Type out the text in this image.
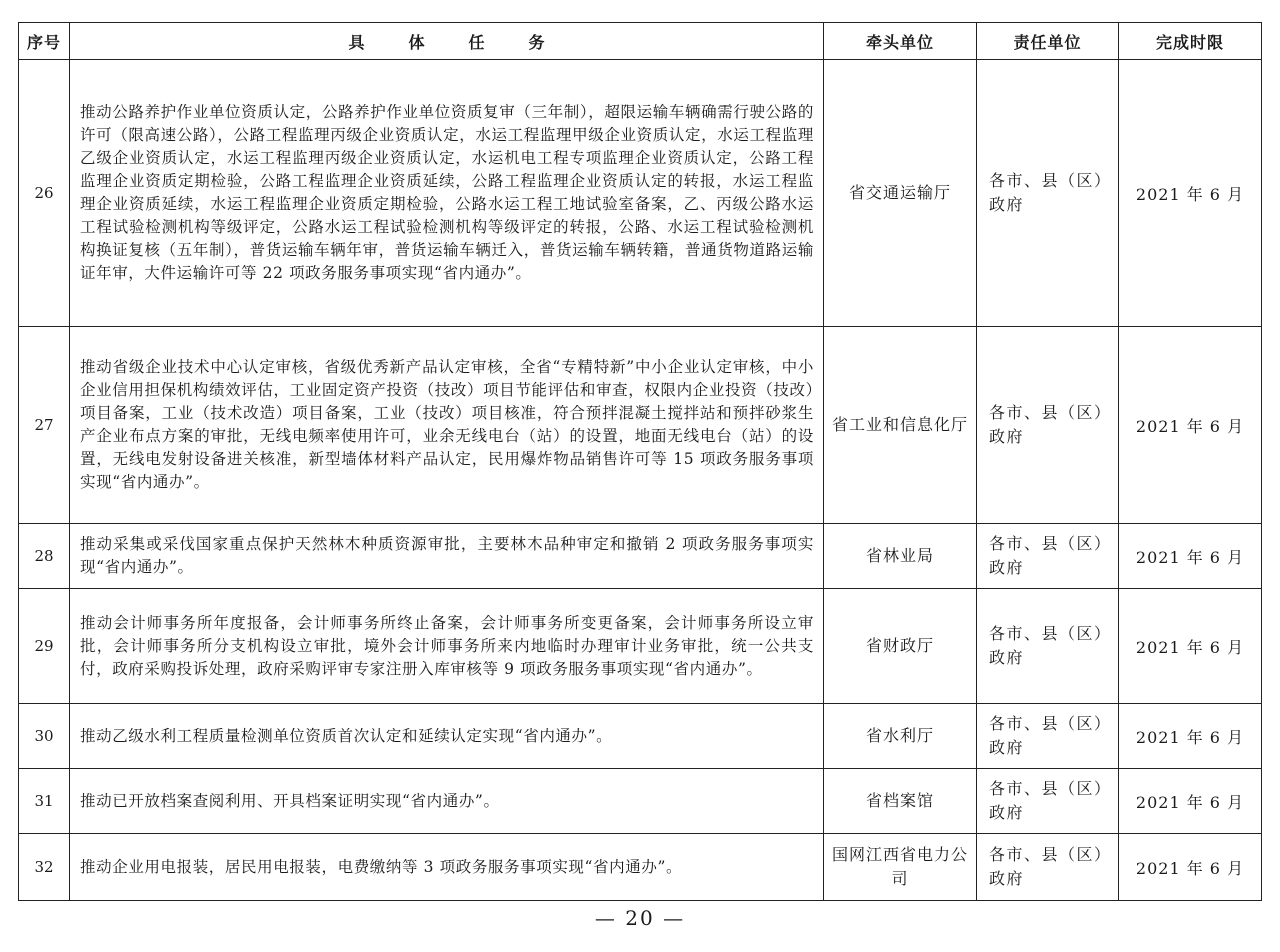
序号	具体任务	牵头单位	责任单位	完成时限
26	推动公路养护作业单位资质认定，公路养护作业单位资质复审（三年制），超限运输车辆确需行驶公路的许可（限高速公路），公路工程监理丙级企业资质认定，水运工程监理甲级企业资质认定，水运工程监理乙级企业资质认定，水运工程监理丙级企业资质认定，水运机电工程专项监理企业资质认定，公路工程监理企业资质定期检验，公路工程监理企业资质延续，公路工程监理企业资质认定的转报，水运工程监理企业资质延续，水运工程监理企业资质定期检验，公路水运工程工地试验室备案，乙、丙级公路水运工程试验检测机构等级评定，公路水运工程试验检测机构等级评定的转报，公路、水运工程试验检测机构换证复核（五年制），普货运输车辆年审，普货运输车辆迁入，普货运输车辆转籍，普通货物道路运输证年审，大件运输许可等 22 项政务服务事项实现“省内通办”。	省交通运输厅	各市、县（区）政府	2021 年 6 月
27	推动省级企业技术中心认定审核，省级优秀新产品认定审核，全省“专精特新”中小企业认定审核，中小企业信用担保机构绩效评估，工业固定资产投资（技改）项目节能评估和审查，权限内企业投资（技改）项目备案，工业（技术改造）项目备案，工业（技改）项目核准，符合预拌混凝土搅拌站和预拌砂浆生产企业布点方案的审批，无线电频率使用许可，业余无线电台（站）的设置，地面无线电台（站）的设置，无线电发射设备进关核准，新型墙体材料产品认定，民用爆炸物品销售许可等 15 项政务服务事项实现“省内通办”。	省工业和信息化厅	各市、县（区）政府	2021 年 6 月
28	推动采集或采伐国家重点保护天然林木种质资源审批，主要林木品种审定和撤销 2 项政务服务事项实现“省内通办”。	省林业局	各市、县（区）政府	2021 年 6 月
29	推动会计师事务所年度报备，会计师事务所终止备案，会计师事务所变更备案，会计师事务所设立审批，会计师事务所分支机构设立审批，境外会计师事务所来内地临时办理审计业务审批，统一公共支付，政府采购投诉处理，政府采购评审专家注册入库审核等 9 项政务服务事项实现“省内通办”。	省财政厅	各市、县（区）政府	2021 年 6 月
30	推动乙级水利工程质量检测单位资质首次认定和延续认定实现“省内通办”。	省水利厅	各市、县（区）政府	2021 年 6 月
31	推动已开放档案查阅利用、开具档案证明实现“省内通办”。	省档案馆	各市、县（区）政府	2021 年 6 月
32	推动企业用电报装，居民用电报装，电费缴纳等 3 项政务服务事项实现“省内通办”。	国网江西省电力公司	各市、县（区）政府	2021 年 6 月
— 20 —
